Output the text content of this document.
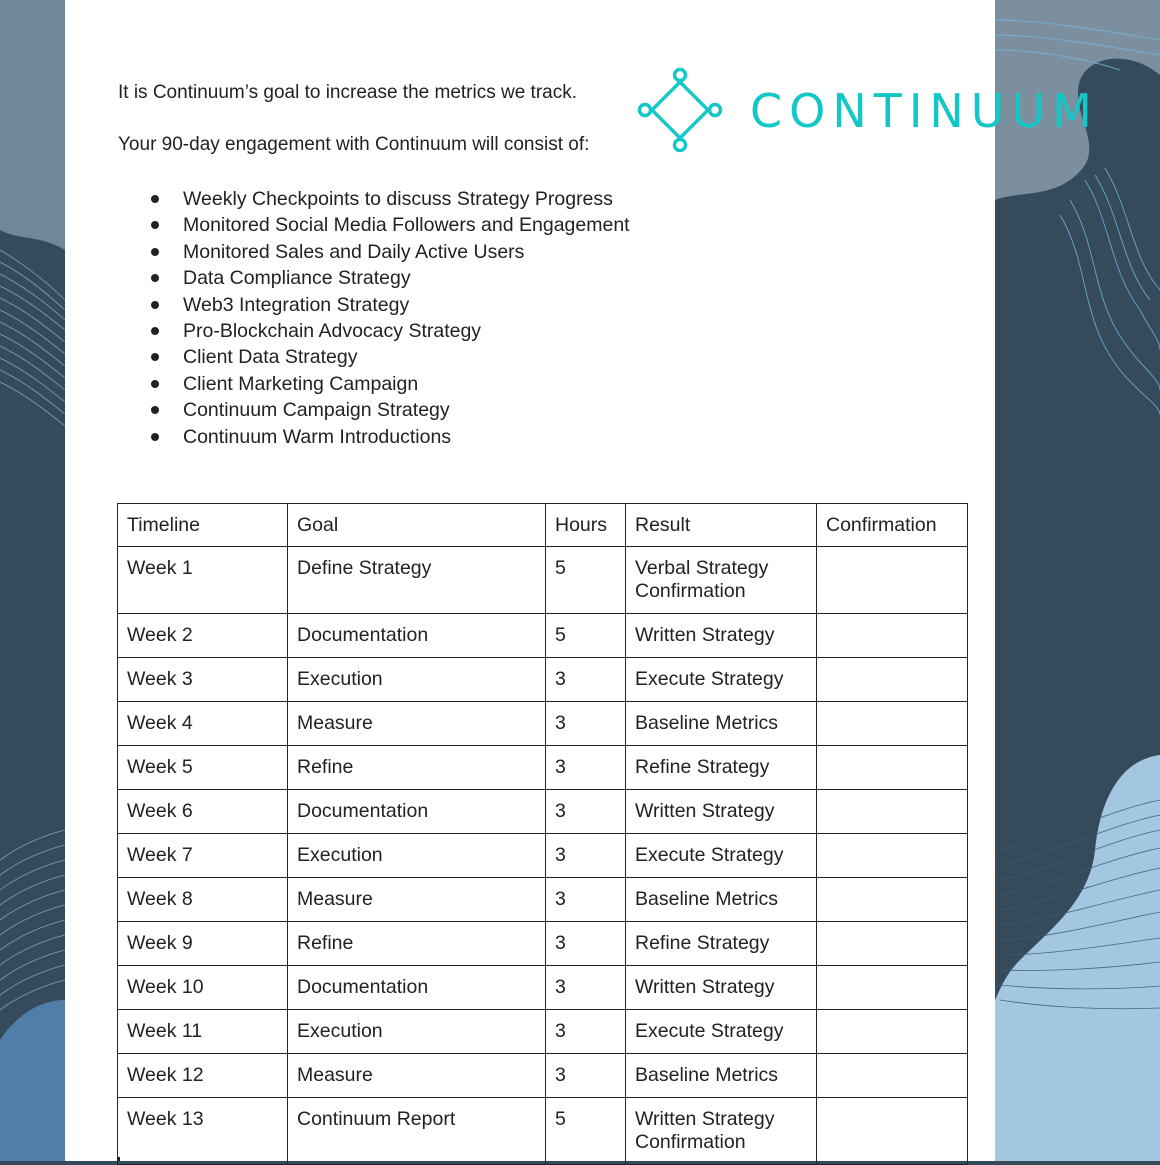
It is Continuum’s goal to increase the metrics we track.

Your 90-day engagement with Continuum will consist of:

CONTINUUM
Weekly Checkpoints to discuss Strategy Progress
Monitored Social Media Followers and Engagement
Monitored Sales and Daily Active Users
Data Compliance Strategy
Web3 Integration Strategy
Pro-Blockchain Advocacy Strategy
Client Data Strategy
Client Marketing Campaign
Continuum Campaign Strategy
Continuum Warm Introductions
Timeline	Goal	Hours	Result	Confirmation
Week 1	Define Strategy	5	Verbal Strategy Confirmation	
Week 2	Documentation	5	Written Strategy	
Week 3	Execution	3	Execute Strategy	
Week 4	Measure	3	Baseline Metrics	
Week 5	Refine	3	Refine Strategy	
Week 6	Documentation	3	Written Strategy	
Week 7	Execution	3	Execute Strategy	
Week 8	Measure	3	Baseline Metrics	
Week 9	Refine	3	Refine Strategy	
Week 10	Documentation	3	Written Strategy	
Week 11	Execution	3	Execute Strategy	
Week 12	Measure	3	Baseline Metrics	
Week 13	Continuum Report	5	Written Strategy Confirmation	
